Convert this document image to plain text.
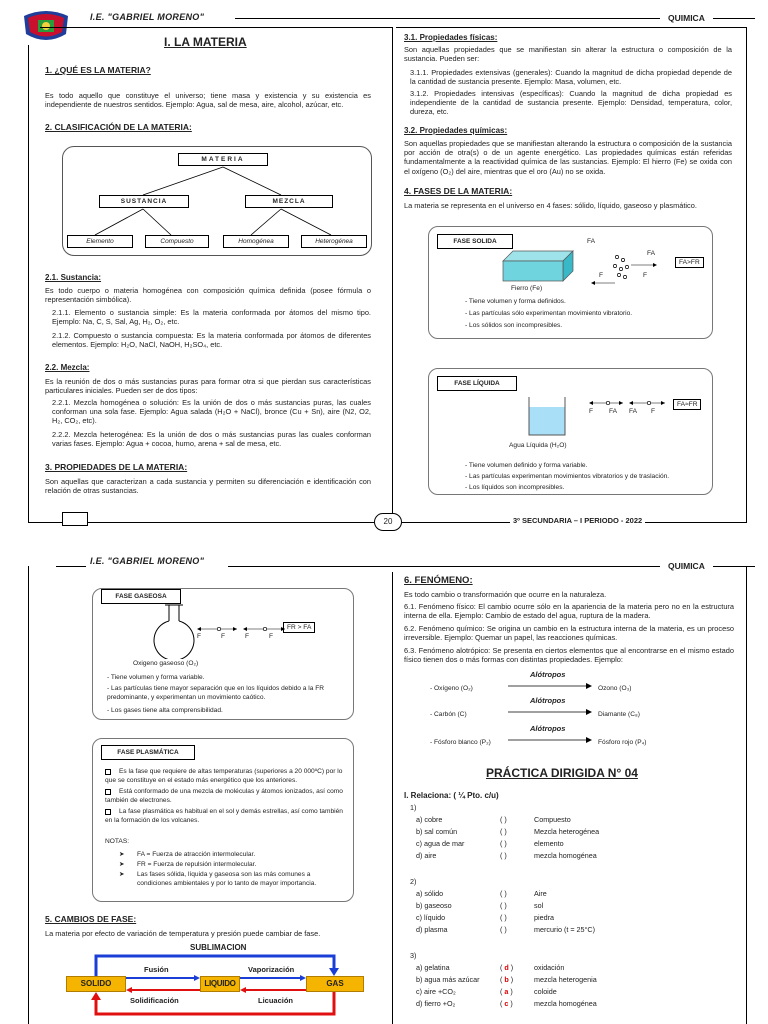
I.E. "GABRIEL MORENO"	QUIMICA
I. LA MATERIA
1. ¿QUÉ ES LA MATERIA?
Es todo aquello que constituye el universo; tiene masa y existencia y su existencia es independiente de nuestros sentidos. Ejemplo: Agua, sal de mesa, aire, alcohol, azúcar, etc.
2. CLASIFICACIÓN DE LA MATERIA:
MATERIA
SUSTANCIA	MEZCLA
Elemento	Compuesto	Homogénea	Heterogénea
2.1. Sustancia:
Es todo cuerpo o materia homogénea con composición química definida (posee fórmula o representación simbólica).
2.1.1. Elemento o sustancia simple: Es la materia conformada por átomos del mismo tipo. Ejemplo: Na, C, S, Sal, Ag, H₂, O₂, etc.
2.1.2. Compuesto o sustancia compuesta: Es la materia conformada por átomos de diferentes elementos. Ejemplo: H₂O, NaCl, NaOH, H₂SO₄, etc.
2.2. Mezcla:
Es la reunión de dos o más sustancias puras para formar otra si que pierdan sus características particulares iniciales. Pueden ser de dos tipos:
2.2.1. Mezcla homogénea o solución: Es la unión de dos o más sustancias puras, las cuales conforman una sola fase. Ejemplo: Agua salada (H₂O + NaCl), bronce (Cu + Sn), aire (N2, O2, H₂, CO₂, etc).
2.2.2. Mezcla heterogénea: Es la unión de dos o más sustancias puras las cuales conforman varias fases. Ejemplo: Agua + cocoa, humo, arena + sal de mesa, etc.
3. PROPIEDADES DE LA MATERIA:
Son aquellas que caracterizan a cada sustancia y permiten su diferenciación e identificación con relación de otras sustancias.
3.1. Propiedades físicas:
Son aquellas propiedades que se manifiestan sin alterar la estructura o composición de la sustancia. Pueden ser:
3.1.1. Propiedades extensivas (generales): Cuando la magnitud de dicha propiedad depende de la cantidad de sustancia presente. Ejemplo: Masa, volumen, etc.
3.1.2. Propiedades intensivas (específicas): Cuando la magnitud de dicha propiedad es independiente de la cantidad de sustancia presente. Ejemplo: Densidad, temperatura, color, dureza, etc.
3.2. Propiedades químicas:
Son aquellas propiedades que se manifiestan alterando la estructura o composición de la sustancia por acción de otra(s) o de un agente energético. Las propiedades químicas están referidas fundamentalmente a la reactividad química de las sustancias. Ejemplo: El hierro (Fe) se oxida con el oxígeno (O₂) del aire, mientras que el oro (Au) no se oxida.
4. FASES DE LA MATERIA:
La materia se representa en el universo en 4 fases: sólido, líquido, gaseoso y plasmático.
FASE SOLIDA
Fierro (Fe)
FA
FA
F	F
FA>FR
- Tiene volumen y forma definidos.
- Las partículas sólo experimentan movimiento vibratorio.
- Los sólidos son incompresibles.
FASE LÍQUIDA
Agua Líquida (H₂O)
F FA FA F
FA≈FR
- Tiene volumen definido y forma variable.
- Las partículas experimentan movimientos vibratorios y de traslación.
- Los líquidos son incompresibles.
20	3º SECUNDARIA – I PERIODO - 2022
I.E. "GABRIEL MORENO"	QUIMICA
FASE GASEOSA
Oxigeno gaseoso (O₂)
F	F	F	F
FR > FA
- Tiene volumen y forma variable.
- Las partículas tiene mayor separación que en los líquidos debido a la FR predominante, y experimentan un movimiento caótico.
- Los gases tiene alta comprensibilidad.
FASE PLASMÁTICA
Es la fase que requiere de altas temperaturas (superiores a 20 000ºC) por lo que se constituye en el estado más energético que los anteriores.
Está conformado de una mezcla de moléculas y átomos ionizados, así como también de electrones.
La fase plasmática es habitual en el sol y demás estrellas, así como también en la formación de los volcanes.
NOTAS:
➤ FA = Fuerza de atracción intermolecular.
➤ FR = Fuerza de repulsión intermolecular.
➤ Las fases sólida, líquida y gaseosa son las más comunes a condiciones ambientales y por lo tanto de mayor importancia.
5. CAMBIOS DE FASE:
La materia por efecto de variación de temperatura y presión puede cambiar de fase.
SUBLIMACION
SOLIDO	LIQUIDO	GAS
Fusión	Vaporización
Solidificación	Licuación
6. FENÓMENO:
Es todo cambio o transformación que ocurre en la naturaleza.
6.1. Fenómeno físico: El cambio ocurre sólo en la apariencia de la materia pero no en la estructura interna de ella. Ejemplo: Cambio de estado del agua, ruptura de la madera.
6.2. Fenómeno químico: Se origina un cambio en la estructura interna de la materia, es un proceso irreversible. Ejemplo: Quemar un papel, las reacciones químicas.
6.3. Fenómeno alotrópico: Se presenta en ciertos elementos que al encontrarse en el mismo estado físico tienen dos o más formas con distintas propiedades. Ejemplo:
- Oxígeno (O₂)
Alótropos
Ozono (O₃)
- Carbón (C)
Alótropos
Diamante (C₈)
- Fósforo blanco (P₂)
Alótropos
Fósforo rojo (P₄)
PRÁCTICA DIRIGIDA N° 04
I. Relaciona: ( ¼ Pto. c/u)
1)
a) cobre	( )	Compuesto
b) sal común	( )	Mezcla heterogénea
c) agua de mar	( )	elemento
d) aire	( )	mezcla homogénea
2)
a) sólido	( )	Aire
b) gaseoso	( )	sol
c) líquido	( )	piedra
d) plasma	( )	mercurio (t = 25°C)
3)
a) gelatina	( d )	oxidación
b) agua más azúcar	( b )	mezcla heterogenia
c) aire +CO₂	( a )	coloide
d) fierro +O₂	( c )	mezcla homogénea
